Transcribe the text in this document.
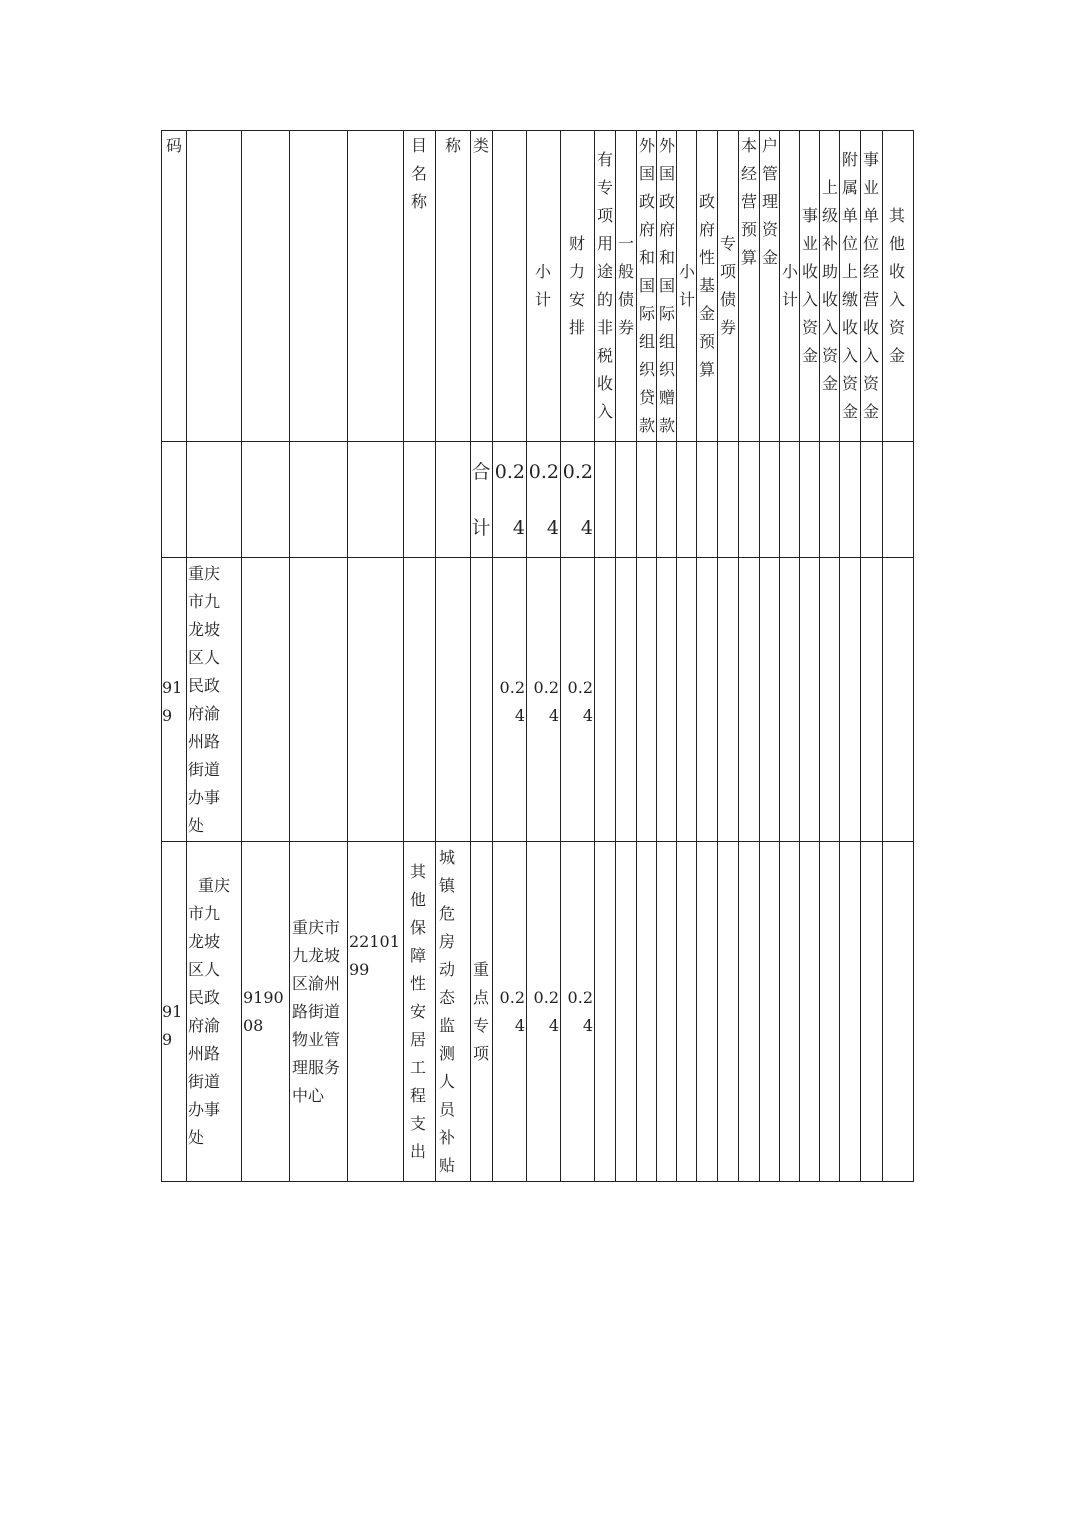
码	目名称
称 类
小计
财力安排
有专项用途的非税收入
一般债券
外国政府和国际组织贷款
外国政府和国际组织赠款
小计
政府性基金预算
专项债券
本经营预算
户管理资金
小计
事业收入资金
上级补助收入资金
附属单位上缴收入资金
事业单位经营收入资金
其他收入资金
合计
0.24
0.24
0.24
919
重庆市九龙坡区人民政府渝州路街道办事处
0.24
0.24
0.24
919
重庆市九龙坡区人民政府渝州路街道办事处
919008
重庆市九龙坡区渝州路街道物业管理服务中心
2210199
其他保障性安居工程支出
城镇危房动态监测人员补贴
重点专项
0.24
0.24
0.24
